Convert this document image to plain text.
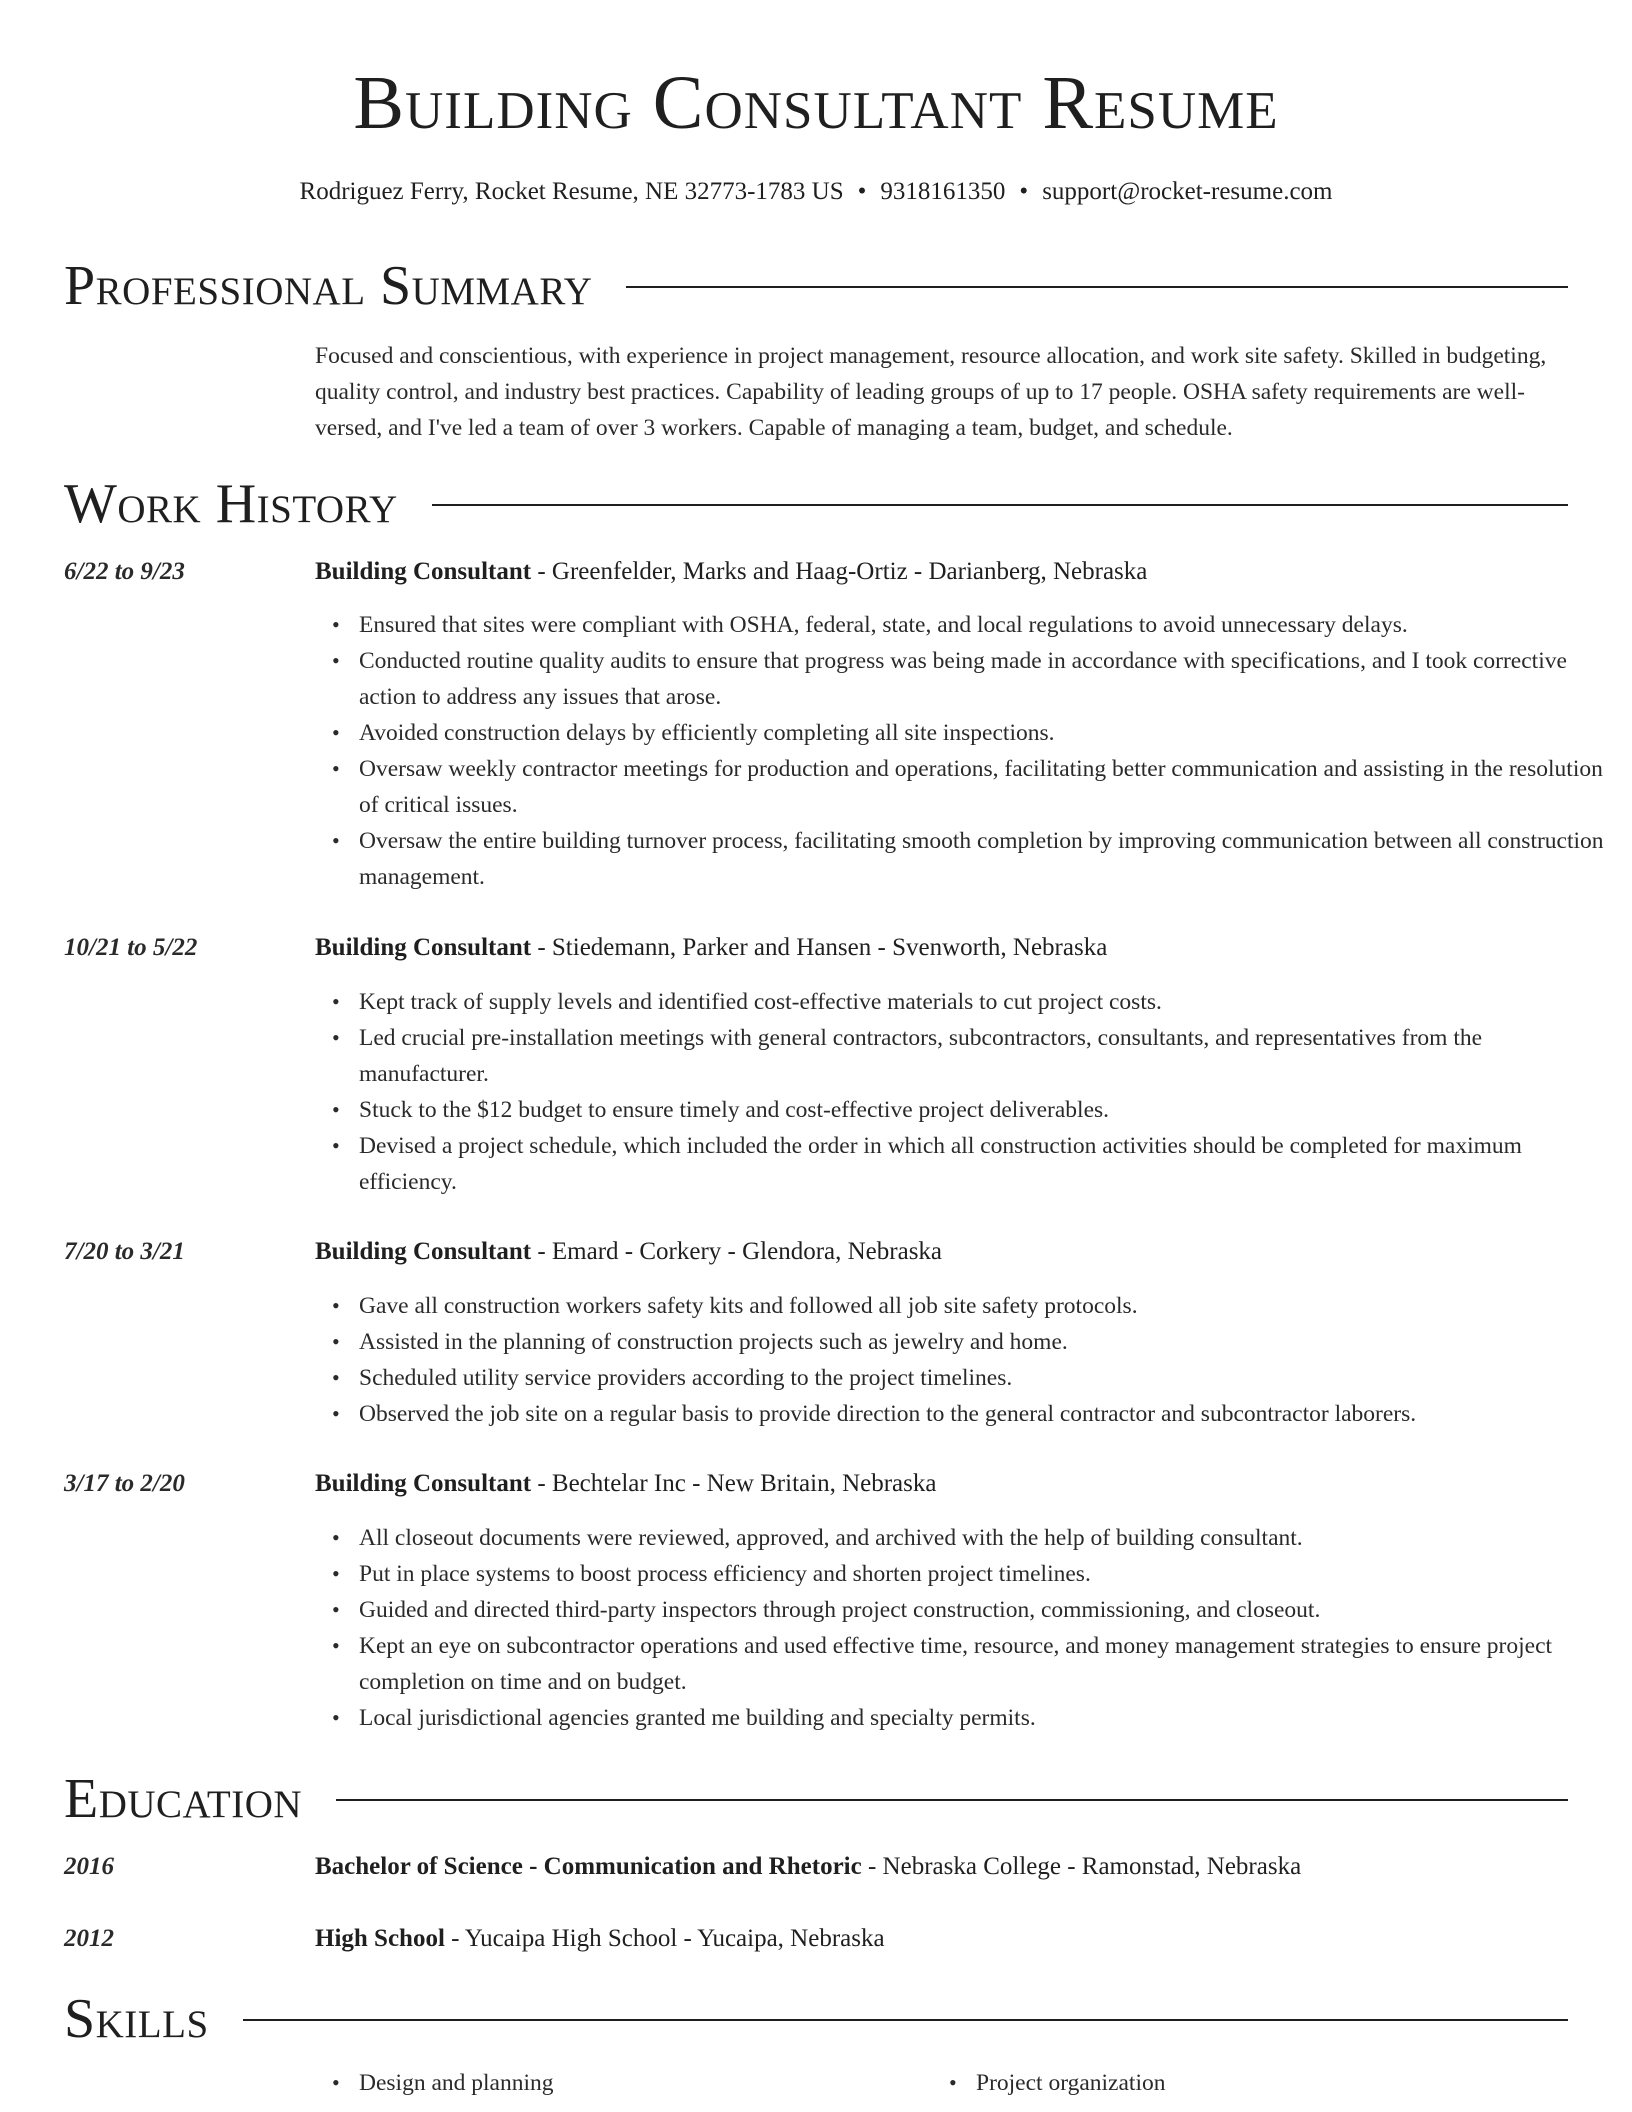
Building Consultant Resume
Rodriguez Ferry, Rocket Resume, NE 32773-1783 US • 9318161350 • support@rocket-resume.com
Professional Summary
Focused and conscientious, with experience in project management, resource allocation, and work site safety. Skilled in budgeting, quality control, and industry best practices. Capability of leading groups of up to 17 people. OSHA safety requirements are well-versed, and I've led a team of over 3 workers. Capable of managing a team, budget, and schedule.
Work History
6/22 to 9/23	Building Consultant - Greenfelder, Marks and Haag-Ortiz - Darianberg, Nebraska
• Ensured that sites were compliant with OSHA, federal, state, and local regulations to avoid unnecessary delays.
• Conducted routine quality audits to ensure that progress was being made in accordance with specifications, and I took corrective action to address any issues that arose.
• Avoided construction delays by efficiently completing all site inspections.
• Oversaw weekly contractor meetings for production and operations, facilitating better communication and assisting in the resolution of critical issues.
• Oversaw the entire building turnover process, facilitating smooth completion by improving communication between all construction management.
10/21 to 5/22	Building Consultant - Stiedemann, Parker and Hansen - Svenworth, Nebraska
• Kept track of supply levels and identified cost-effective materials to cut project costs.
• Led crucial pre-installation meetings with general contractors, subcontractors, consultants, and representatives from the manufacturer.
• Stuck to the $12 budget to ensure timely and cost-effective project deliverables.
• Devised a project schedule, which included the order in which all construction activities should be completed for maximum efficiency.
7/20 to 3/21	Building Consultant - Emard - Corkery - Glendora, Nebraska
• Gave all construction workers safety kits and followed all job site safety protocols.
• Assisted in the planning of construction projects such as jewelry and home.
• Scheduled utility service providers according to the project timelines.
• Observed the job site on a regular basis to provide direction to the general contractor and subcontractor laborers.
3/17 to 2/20	Building Consultant - Bechtelar Inc - New Britain, Nebraska
• All closeout documents were reviewed, approved, and archived with the help of building consultant.
• Put in place systems to boost process efficiency and shorten project timelines.
• Guided and directed third-party inspectors through project construction, commissioning, and closeout.
• Kept an eye on subcontractor operations and used effective time, resource, and money management strategies to ensure project completion on time and on budget.
• Local jurisdictional agencies granted me building and specialty permits.
Education
2016	Bachelor of Science - Communication and Rhetoric - Nebraska College - Ramonstad, Nebraska
2012	High School - Yucaipa High School - Yucaipa, Nebraska
Skills
• Design and planning
•	Project organization
